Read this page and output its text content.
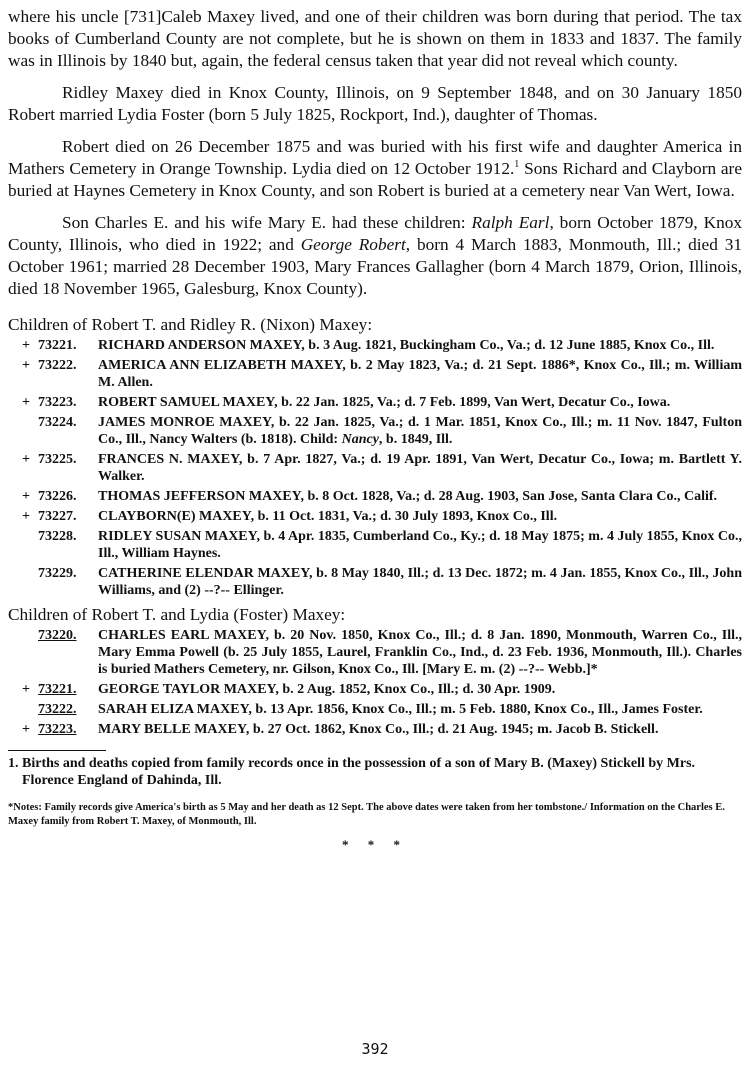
where his uncle [731]Caleb Maxey lived, and one of their children was born during that period. The tax books of Cumberland County are not complete, but he is shown on them in 1833 and 1837. The family was in Illinois by 1840 but, again, the federal census taken that year did not reveal which county.

Ridley Maxey died in Knox County, Illinois, on 9 September 1848, and on 30 January 1850 Robert married Lydia Foster (born 5 July 1825, Rockport, Ind.), daughter of Thomas.

Robert died on 26 December 1875 and was buried with his first wife and daughter America in Mathers Cemetery in Orange Township. Lydia died on 12 October 1912.$^1$ Sons Richard and Clayborn are buried at Haynes Cemetery in Knox County, and son Robert is buried at a cemetery near Van Wert, Iowa.

Son Charles E. and his wife Mary E. had these children: Ralph Earl, born October 1879, Knox County, Illinois, who died in 1922; and George Robert, born 4 March 1883, Monmouth, Ill.; died 31 October 1961; married 28 December 1903, Mary Frances Gallagher (born 4 March 1879, Orion, Illinois, died 18 November 1965, Galesburg, Knox County).

Children of Robert T. and Ridley R. (Nixon) Maxey:
+ 73221.	RICHARD ANDERSON MAXEY, b. 3 Aug. 1821, Buckingham Co., Va.; d. 12 June 1885, Knox Co., Ill.
+ 73222.	AMERICA ANN ELIZABETH MAXEY, b. 2 May 1823, Va.; d. 21 Sept. 1886*, Knox Co., Ill.; m. William M. Allen.
+ 73223.	ROBERT SAMUEL MAXEY, b. 22 Jan. 1825, Va.; d. 7 Feb. 1899, Van Wert, Decatur Co., Iowa.
73224.	JAMES MONROE MAXEY, b. 22 Jan. 1825, Va.; d. 1 Mar. 1851, Knox Co., Ill.; m. 11 Nov. 1847, Fulton Co., Ill., Nancy Walters (b. 1818). Child: Nancy, b. 1849, Ill.
+ 73225.	FRANCES N. MAXEY, b. 7 Apr. 1827, Va.; d. 19 Apr. 1891, Van Wert, Decatur Co., Iowa; m. Bartlett Y. Walker.
+ 73226.	THOMAS JEFFERSON MAXEY, b. 8 Oct. 1828, Va.; d. 28 Aug. 1903, San Jose, Santa Clara Co., Calif.
+ 73227.	CLAYBORN(E) MAXEY, b. 11 Oct. 1831, Va.; d. 30 July 1893, Knox Co., Ill.
73228.	RIDLEY SUSAN MAXEY, b. 4 Apr. 1835, Cumberland Co., Ky.; d. 18 May 1875; m. 4 July 1855, Knox Co., Ill., William Haynes.
73229.	CATHERINE ELENDAR MAXEY, b. 8 May 1840, Ill.; d. 13 Dec. 1872; m. 4 Jan. 1855, Knox Co., Ill., John Williams, and (2) --?-- Ellinger.
Children of Robert T. and Lydia (Foster) Maxey:
73220.	CHARLES EARL MAXEY, b. 20 Nov. 1850, Knox Co., Ill.; d. 8 Jan. 1890, Monmouth, Warren Co., Ill., Mary Emma Powell (b. 25 July 1855, Laurel, Franklin Co., Ind., d. 23 Feb. 1936, Monmouth, Ill.). Charles is buried Mathers Cemetery, nr. Gilson, Knox Co., Ill. [Mary E. m. (2) --?-- Webb.]*
+ 73221.	GEORGE TAYLOR MAXEY, b. 2 Aug. 1852, Knox Co., Ill.; d. 30 Apr. 1909.
73222.	SARAH ELIZA MAXEY, b. 13 Apr. 1856, Knox Co., Ill.; m. 5 Feb. 1880, Knox Co., Ill., James Foster.
+ 73223.	MARY BELLE MAXEY, b. 27 Oct. 1862, Knox Co., Ill.; d. 21 Aug. 1945; m. Jacob B. Stickell.
1. Births and deaths copied from family records once in the possession of a son of Mary B. (Maxey) Stickell by Mrs. Florence England of Dahinda, Ill.
*Notes: Family records give America's birth as 5 May and her death as 12 Sept. The above dates were taken from her tombstone./ Information on the Charles E. Maxey family from Robert T. Maxey, of Monmouth, Ill.
* * *
392
